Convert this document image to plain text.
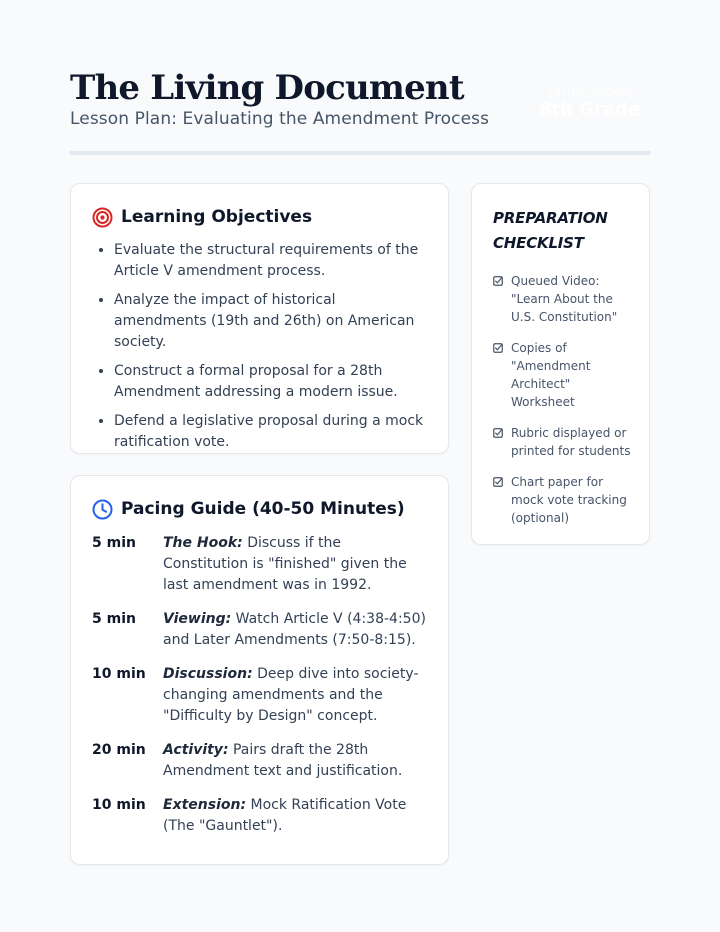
The Living Document

Lesson Plan: Evaluating the Amendment Process

Target Level
8th Grade
Learning Objectives
• Evaluate the structural requirements of the Article V amendment process.
• Analyze the impact of historical amendments (19th and 26th) on American society.
• Construct a formal proposal for a 28th Amendment addressing a modern issue.
• Defend a legislative proposal during a mock ratification vote.
Pacing Guide (40-50 Minutes)
5 min	The Hook: Discuss if the Constitution is "finished" given the last amendment was in 1992.
5 min	Viewing: Watch Article V (4:38-4:50) and Later Amendments (7:50-8:15).
10 min	Discussion: Deep dive into society-changing amendments and the "Difficulty by Design" concept.
20 min	Activity: Pairs draft the 28th Amendment text and justification.
10 min	Extension: Mock Ratification Vote (The "Gauntlet").
PREPARATION CHECKLIST
Queued Video: "Learn About the U.S. Constitution"
Copies of "Amendment Architect" Worksheet
Rubric displayed or printed for students
Chart paper for mock vote tracking (optional)
